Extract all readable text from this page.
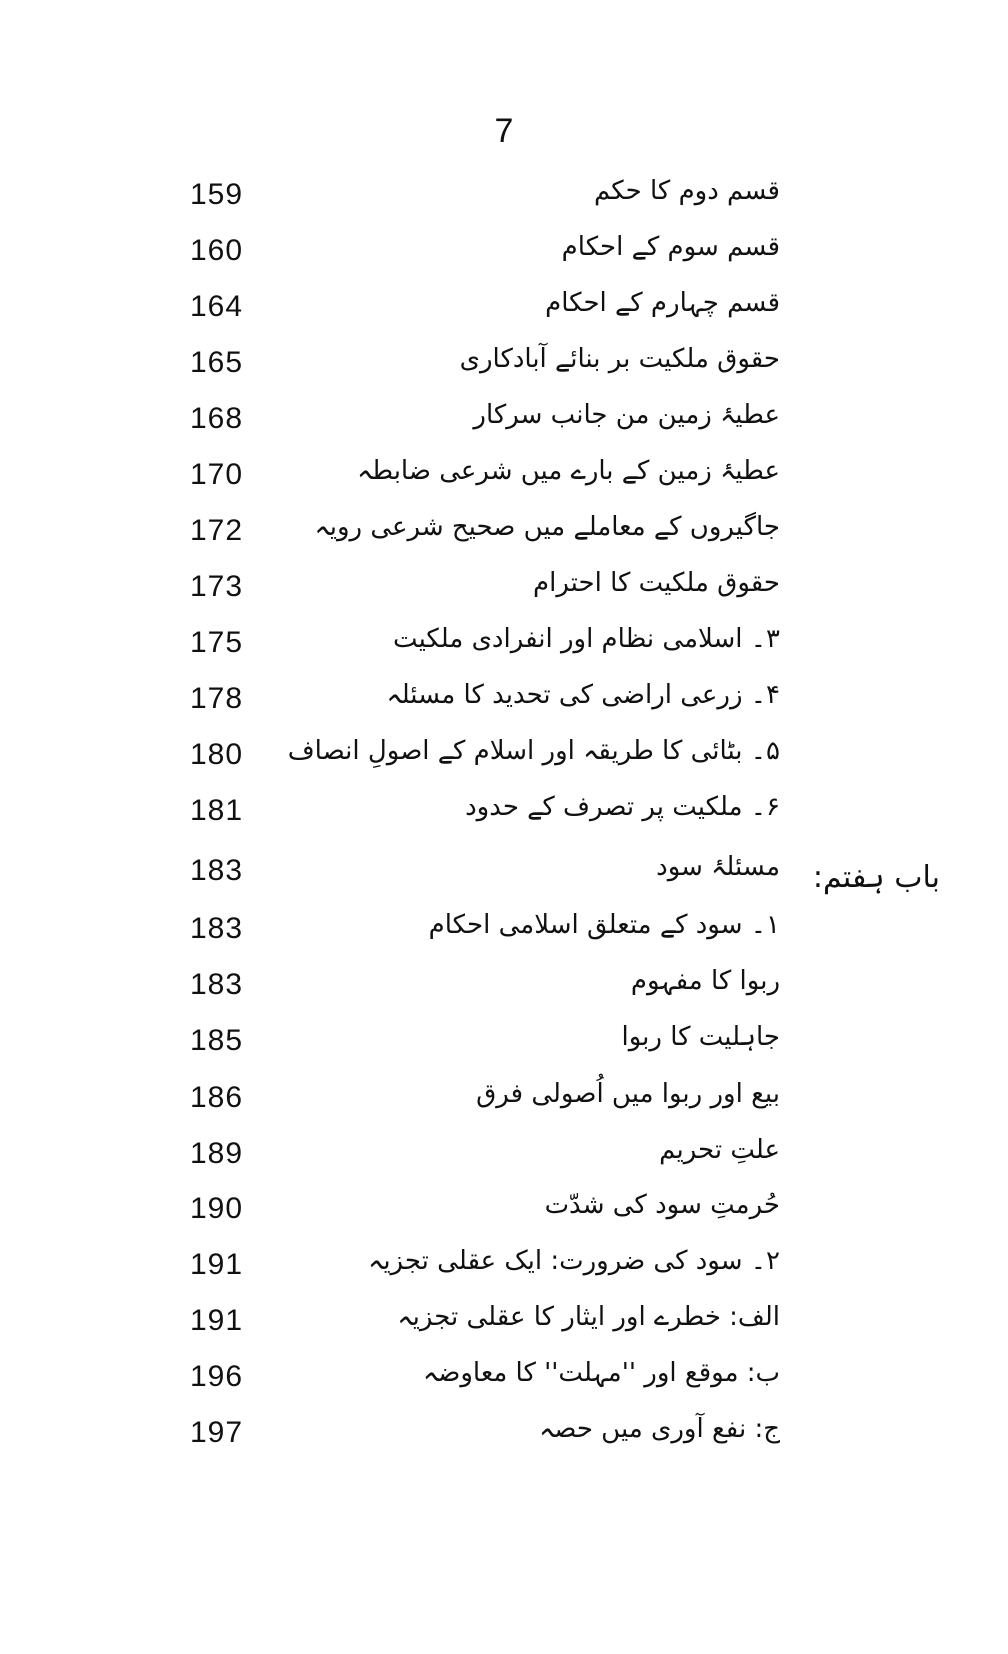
7
باب ہفتم:
159	قسم دوم کا حکم
160	قسم سوم کے احکام
164	قسم چہارم کے احکام
165	حقوق ملکیت بر بنائے آبادکاری
168	عطیۂ زمین من جانب سرکار
170	عطیۂ زمین کے بارے میں شرعی ضابطہ
172	جاگیروں کے معاملے میں صحیح شرعی رویہ
173	حقوق ملکیت کا احترام
175	۳۔ اسلامی نظام اور انفرادی ملکیت
178	۴۔ زرعی اراضی کی تحدید کا مسئلہ
180 ۵۔ بٹائی کا طریقہ اور اسلام کے اصولِ انصاف
181	۶۔ ملکیت پر تصرف کے حدود
183	مسئلۂ سود
183	۱۔ سود کے متعلق اسلامی احکام
183	ربوا کا مفہوم
185	جاہلیت کا ربوا
186	بیع اور ربوا میں اُصولی فرق
189	علتِ تحریم
190	حُرمتِ سود کی شدّت
191	۲۔ سود کی ضرورت: ایک عقلی تجزیہ
191	الف: خطرے اور ایثار کا عقلی تجزیہ
196	ب: موقع اور ''مہلت'' کا معاوضہ
197	ج: نفع آوری میں حصہ
